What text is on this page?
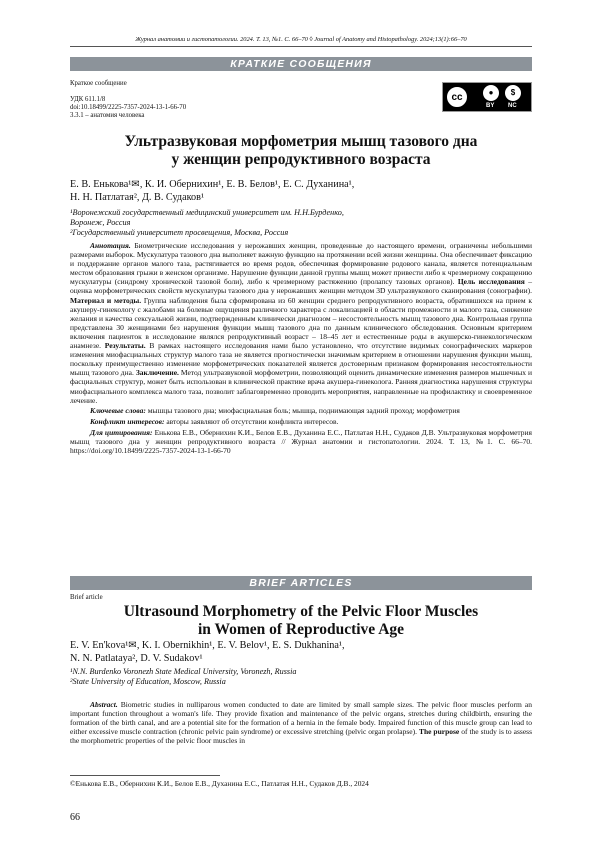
Журнал анатомии и гистопатологии. 2024. Т. 13, №1. С. 66–70 ◊ Journal of Anatomy and Histopathology. 2024;13(1):66–70
КРАТКИЕ СООБЩЕНИЯ
Краткое сообщение
УДК 611.1/8
doi:10.18499/2225-7357-2024-13-1-66-70
3.3.1 – анатомия человека
cc	●	$
BY NC
Ультразвуковая морфометрия мышц тазового дна
у женщин репродуктивного возраста
Е. В. Енькова¹✉, К. И. Обернихин¹, Е. В. Белов¹, Е. С. Духанина¹,
Н. Н. Патлатая², Д. В. Судаков¹
¹Воронежский государственный медицинский университет им. Н.Н.Бурденко,
Воронеж, Россия
²Государственный университет просвещения, Москва, Россия

Аннотация. Биометрические исследования у нерожавших женщин, проведенные до настоящего времени, ограничены небольшими размерами выборок. Мускулатура тазового дна выполняет важную функцию на протяжении всей жизни женщины. Она обеспечивает фиксацию и поддержание органов малого таза, растягивается во время родов, обеспечивая формирование родового канала, является потенциальным местом образования грыжи в женском организме. Нарушение функции данной группы мышц может привести либо к чрезмерному сокращению мускулатуры (синдрому хронической тазовой боли), либо к чрезмерному растяжению (пролапсу тазовых органов). Цель исследования – оценка морфометрических свойств мускулатуры тазового дна у нерожавших женщин методом 3D ультразвукового сканирования (сонографии). Материал и методы. Группа наблюдения была сформирована из 60 женщин среднего репродуктивного возраста, обратившихся на прием к акушеру-гинекологу с жалобами на болевые ощущения различного характера с локализацией в области промежности и малого таза, снижение желания и качества сексуальной жизни, подтвержденным клинически диагнозом – несостоятельность мышц тазового дна. Контрольная группа представлена 30 женщинами без нарушения функции мышц тазового дна по данным клинического обследования. Основным критерием включения пациенток в исследование являлся репродуктивный возраст – 18–45 лет и естественные роды в акушерско-гинекологическом анамнезе. Результаты. В рамках настоящего исследования нами было установлено, что отсутствие видимых сонографических маркеров изменения миофасциальных структур малого таза не является прогностически значимым критерием в отношении нарушения функции мышц, поскольку преимущественно изменение морфометрических показателей является достоверным признаком формирования несостоятельности мышц тазового дна. Заключение. Метод ультразвуковой морфометрии, позволяющий оценить динамические изменения размеров мышечных и фасциальных структур, может быть использован в клинической практике врача акушера-гинеколога. Ранняя диагностика нарушения структуры миофасциального комплекса малого таза, позволит заблаговременно проводить мероприятия, направленные на профилактику и своевременное лечение.

Ключевые слова: мышцы тазового дна; миофасциальная боль; мышца, поднимающая задний проход; морфометрия

Конфликт интересов: авторы заявляют об отсутствии конфликта интересов.

Для цитирования: Енькова Е.В., Обернихин К.И., Белов Е.В., Духанина Е.С., Патлатая Н.Н., Судаков Д.В. Ультразвуковая морфометрия мышц тазового дна у женщин репродуктивного возраста // Журнал анатомии и гистопатологии. 2024. Т. 13, №1. С. 66–70. https://doi.org/10.18499/2225-7357-2024-13-1-66-70

BRIEF ARTICLES
Brief article
Ultrasound Morphometry of the Pelvic Floor Muscles
in Women of Reproductive Age
E. V. En'kova¹✉, K. I. Obernikhin¹, E. V. Belov¹, E. S. Dukhanina¹,
N. N. Patlataya², D. V. Sudakov¹
¹N.N. Burdenko Voronezh State Medical University, Voronezh, Russia
²State University of Education, Moscow, Russia

Abstract. Biometric studies in nulliparous women conducted to date are limited by small sample sizes. The pelvic floor muscles perform an important function throughout a woman's life. They provide fixation and maintenance of the pelvic organs, stretches during childbirth, ensuring the formation of the birth canal, and are a potential site for the formation of a hernia in the female body. Impaired function of this muscle group can lead to either excessive muscle contraction (chronic pelvic pain syndrome) or excessive stretching (pelvic organ prolapse). The purpose of the study is to assess the morphometric properties of the pelvic floor muscles in

©Енькова Е.В., Обернихин К.И., Белов Е.В., Духанина Е.С., Патлатая Н.Н., Судаков Д.В., 2024
66
